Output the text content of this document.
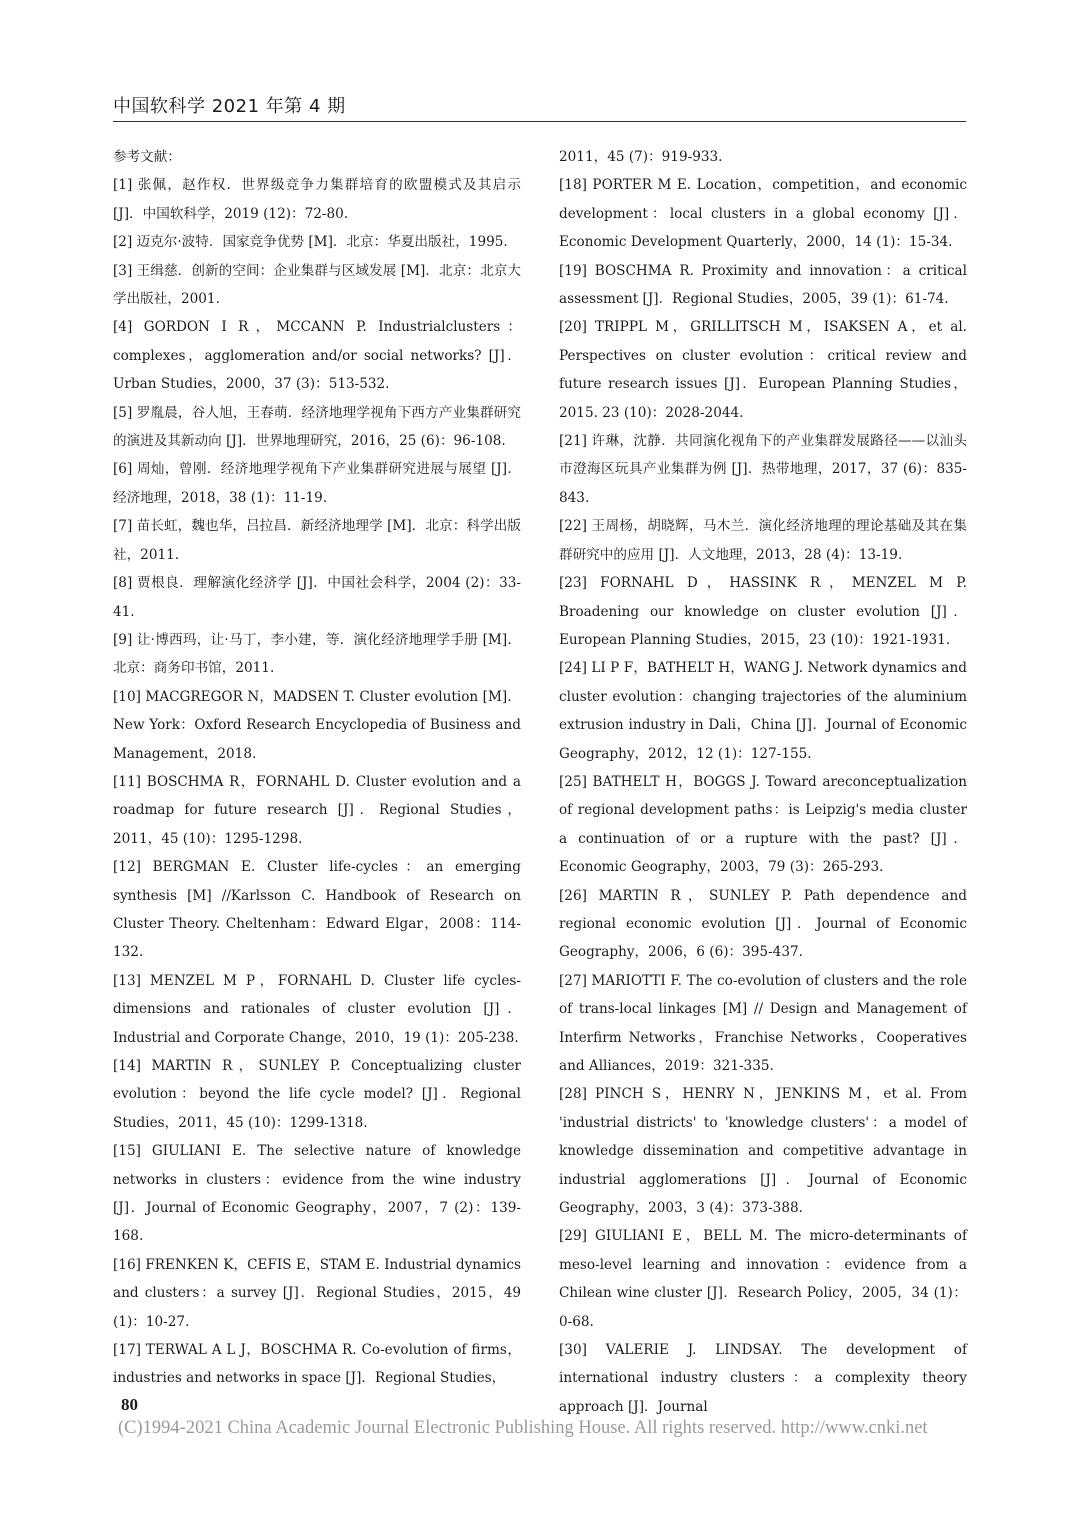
中国软科学 2021 年第 4 期

参考文献：

[1] 张佩，赵作权．世界级竞争力集群培育的欧盟模式及其启示 [J]．中国软科学，2019 (12)：72-80.

[2] 迈克尔·波特．国家竞争优势 [M]．北京：华夏出版社，1995.

[3] 王缉慈．创新的空间：企业集群与区域发展 [M]．北京：北京大学出版社，2001.

[4] GORDON I R，MCCANN P. Industrialclusters：complexes，agglomeration and/or social networks? [J]．Urban Studies，2000，37 (3)：513-532.

[5] 罗胤晨，谷人旭，王春萌．经济地理学视角下西方产业集群研究的演进及其新动向 [J]．世界地理研究，2016，25 (6)：96-108.

[6] 周灿，曾刚．经济地理学视角下产业集群研究进展与展望 [J]．经济地理，2018，38 (1)：11-19.

[7] 苗长虹，魏也华，吕拉昌．新经济地理学 [M]．北京：科学出版社，2011.

[8] 贾根良．理解演化经济学 [J]．中国社会科学，2004 (2)：33-41.

[9] 让·博西玛，让·马丁，李小建，等．演化经济地理学手册 [M]．北京：商务印书馆，2011.

[10] MACGREGOR N，MADSEN T. Cluster evolution [M]．New York：Oxford Research Encyclopedia of Business and Management，2018.

[11] BOSCHMA R，FORNAHL D. Cluster evolution and a roadmap for future research [J]．Regional Studies，2011，45 (10)：1295-1298.

[12] BERGMAN E. Cluster life-cycles：an emerging synthesis [M] //Karlsson C. Handbook of Research on Cluster Theory. Cheltenham：Edward Elgar，2008：114-132.

[13] MENZEL M P，FORNAHL D. Cluster life cycles-dimensions and rationales of cluster evolution [J]．Industrial and Corporate Change，2010，19 (1)：205-238.

[14] MARTIN R，SUNLEY P. Conceptualizing cluster evolution：beyond the life cycle model? [J]．Regional Studies，2011，45 (10)：1299-1318.

[15] GIULIANI E. The selective nature of knowledge networks in clusters：evidence from the wine industry [J]．Journal of Economic Geography，2007，7 (2)：139-168.

[16] FRENKEN K，CEFIS E，STAM E. Industrial dynamics and clusters：a survey [J]．Regional Studies，2015，49 (1)：10-27.

[17] TERWAL A L J，BOSCHMA R. Co-evolution of firms，industries and networks in space [J]．Regional Studies，

2011，45 (7)：919-933.

[18] PORTER M E. Location，competition，and economic development：local clusters in a global economy [J]．Economic Development Quarterly，2000，14 (1)：15-34.

[19] BOSCHMA R. Proximity and innovation：a critical assessment [J]．Regional Studies，2005，39 (1)：61-74.

[20] TRIPPL M，GRILLITSCH M，ISAKSEN A，et al. Perspectives on cluster evolution：critical review and future research issues [J]．European Planning Studies，2015. 23 (10)：2028-2044.

[21] 许琳，沈静．共同演化视角下的产业集群发展路径——以汕头市澄海区玩具产业集群为例 [J]．热带地理，2017，37 (6)：835-843.

[22] 王周杨，胡晓辉，马木兰．演化经济地理的理论基础及其在集群研究中的应用 [J]．人文地理，2013，28 (4)：13-19.

[23] FORNAHL D，HASSINK R，MENZEL M P. Broadening our knowledge on cluster evolution [J]．European Planning Studies，2015，23 (10)：1921-1931.

[24] LI P F，BATHELT H，WANG J. Network dynamics and cluster evolution：changing trajectories of the aluminium extrusion industry in Dali，China [J]．Journal of Economic Geography，2012，12 (1)：127-155.

[25] BATHELT H，BOGGS J. Toward areconceptualization of regional development paths：is Leipzig's media cluster a continuation of or a rupture with the past? [J]．Economic Geography，2003，79 (3)：265-293.

[26] MARTIN R，SUNLEY P. Path dependence and regional economic evolution [J]．Journal of Economic Geography，2006，6 (6)：395-437.

[27] MARIOTTI F. The co-evolution of clusters and the role of trans-local linkages [M] // Design and Management of Interfirm Networks，Franchise Networks，Cooperatives and Alliances，2019：321-335.

[28] PINCH S，HENRY N，JENKINS M，et al. From 'industrial districts' to 'knowledge clusters'：a model of knowledge dissemination and competitive advantage in industrial agglomerations [J]．Journal of Economic Geography，2003，3 (4)：373-388.

[29] GIULIANI E，BELL M. The micro-determinants of meso-level learning and innovation：evidence from a Chilean wine cluster [J]．Research Policy，2005，34 (1)：0-68.

[30] VALERIE J. LINDSAY. The development of international industry clusters：a complexity theory approach [J]．Journal

80
(C)1994-2021 China Academic Journal Electronic Publishing House. All rights reserved. http://www.cnki.net
